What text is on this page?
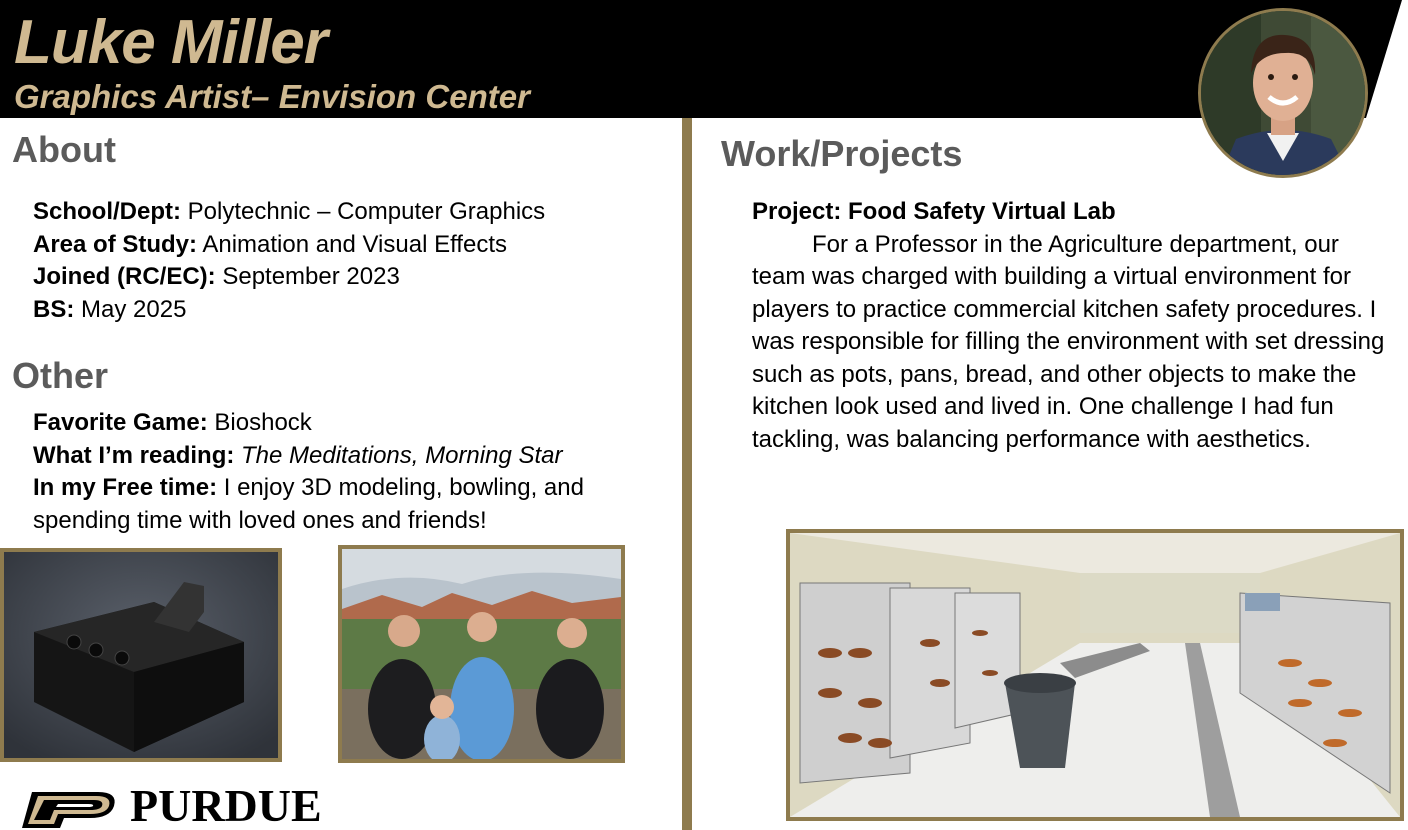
Luke Miller
Graphics Artist– Envision Center
About
School/Dept: Polytechnic – Computer Graphics
Area of Study: Animation and Visual Effects
Joined (RC/EC): September 2023
BS: May 2025
Other
Favorite Game: Bioshock
What I’m reading: The Meditations, Morning Star
In my Free time: I enjoy 3D modeling, bowling, and spending time with loved ones and friends!
Work/Projects
Project: Food Safety Virtual Lab
For a Professor in the Agriculture department, our team was charged with building a virtual environment for players to practice commercial kitchen safety procedures. I was responsible for filling the environment with set dressing such as pots, pans, bread, and other objects to make the kitchen look used and lived in. One challenge I had fun tackling, was balancing performance with aesthetics.
PURDUE
